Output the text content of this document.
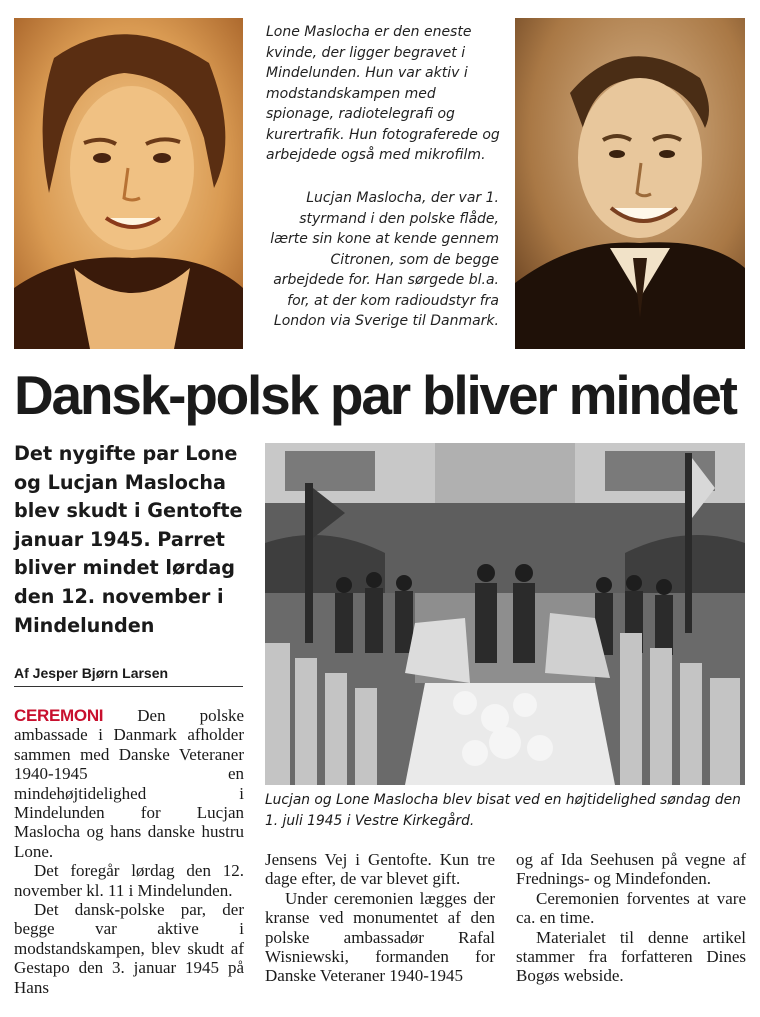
Lone Maslocha er den eneste kvinde, der ligger begravet i Mindelunden. Hun var aktiv i modstandskampen med spionage, radiotelegrafi og kurertrafik. Hun fotograferede og arbejdede også med mikrofilm.
Lucjan Maslocha, der var 1. styrmand i den polske flåde, lærte sin kone at kende gennem Citronen, som de begge arbejdede for. Han sørgede bl.a. for, at der kom radioudstyr fra London via Sverige til Danmark.
Dansk-polsk par bliver mindet
Det nygifte par Lone og Lucjan Maslocha blev skudt i Gentofte januar 1945. Parret bliver mindet lørdag den 12. november i Mindelunden
Lucjan og Lone Maslocha blev bisat ved en højtidelighed søndag den 1. juli 1945 i Vestre Kirkegård.
Af Jesper Bjørn Larsen

CEREMONI Den polske ambassade i Danmark afholder sammen med Danske Veteraner 1940-1945 en mindehøjtidelighed i Mindelunden for Lucjan Maslocha og hans danske hustru Lone.

Det foregår lørdag den 12. november kl. 11 i Mindelunden.

Det dansk-polske par, der begge var aktive i modstandskampen, blev skudt af Gestapo den 3. januar 1945 på Hans

Jensens Vej i Gentofte. Kun tre dage efter, de var blevet gift.

Under ceremonien lægges der kranse ved monumentet af den polske ambassadør Rafal Wisniewski, formanden for Danske Veteraner 1940-1945

og af Ida Seehusen på vegne af Frednings- og Mindefonden.

Ceremonien forventes at vare ca. en time.

Materialet til denne artikel stammer fra forfatteren Dines Bogøs webside.
